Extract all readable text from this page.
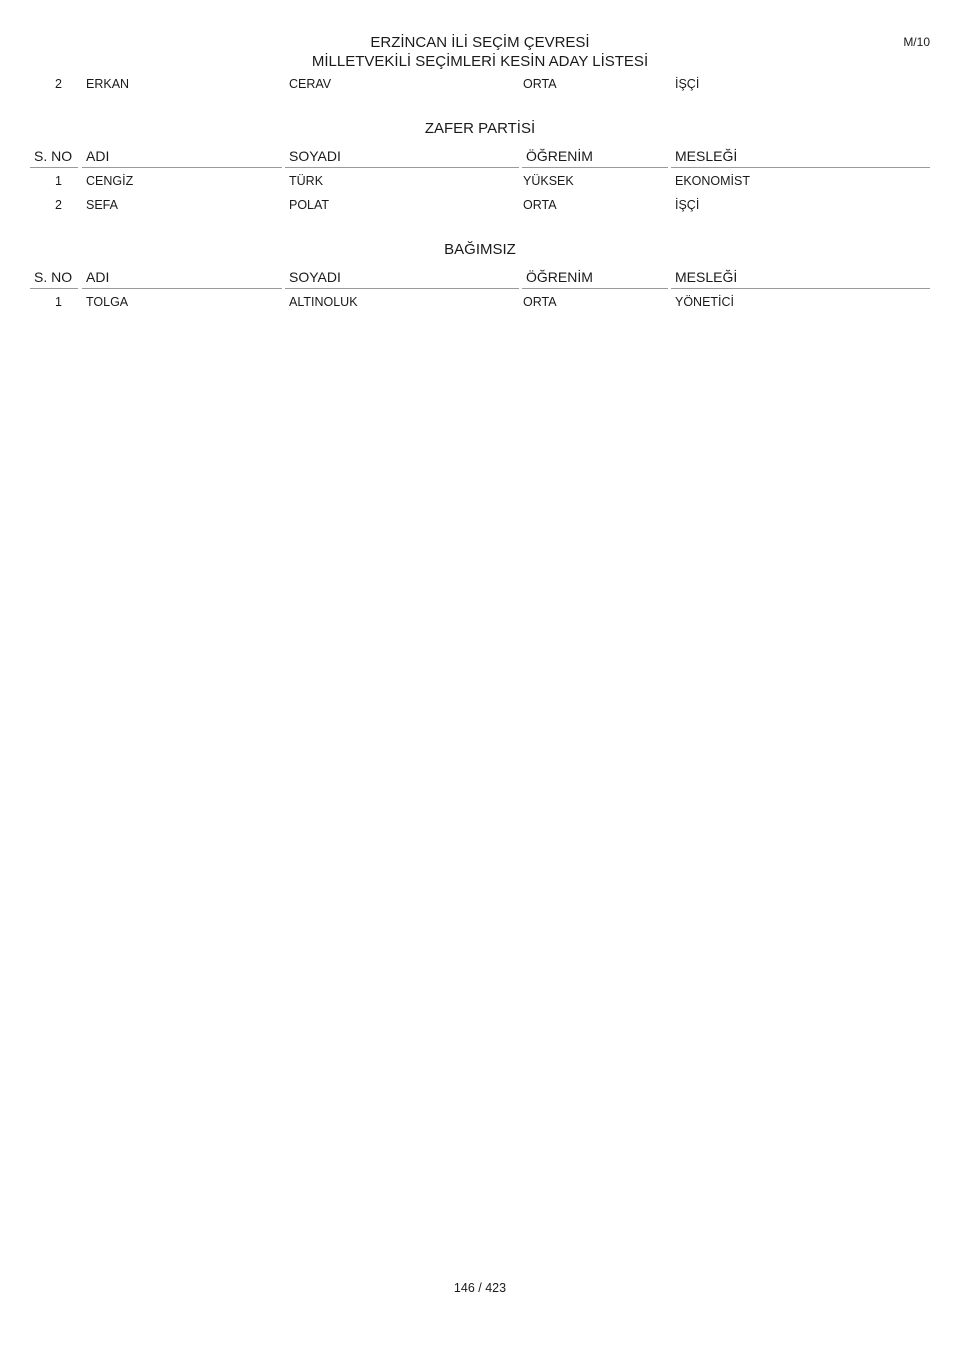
ERZİNCAN İLİ SEÇİM ÇEVRESİ
MİLLETVEKİLİ SEÇİMLERİ KESİN ADAY LİSTESİ
M/10
2 ERKAN	CERAV	ORTA	İŞÇİ
ZAFER PARTİSİ
S. NO ADI	SOYADI	ÖĞRENİM	MESLEĞİ
1 CENGİZ	TÜRK	YÜKSEK	EKONOMİST
2 SEFA	POLAT	ORTA	İŞÇİ
BAĞIMSIZ
S. NO ADI	SOYADI	ÖĞRENİM	MESLEĞİ
1 TOLGA	ALTINOLUK	ORTA	YÖNETİCİ
146 / 423
